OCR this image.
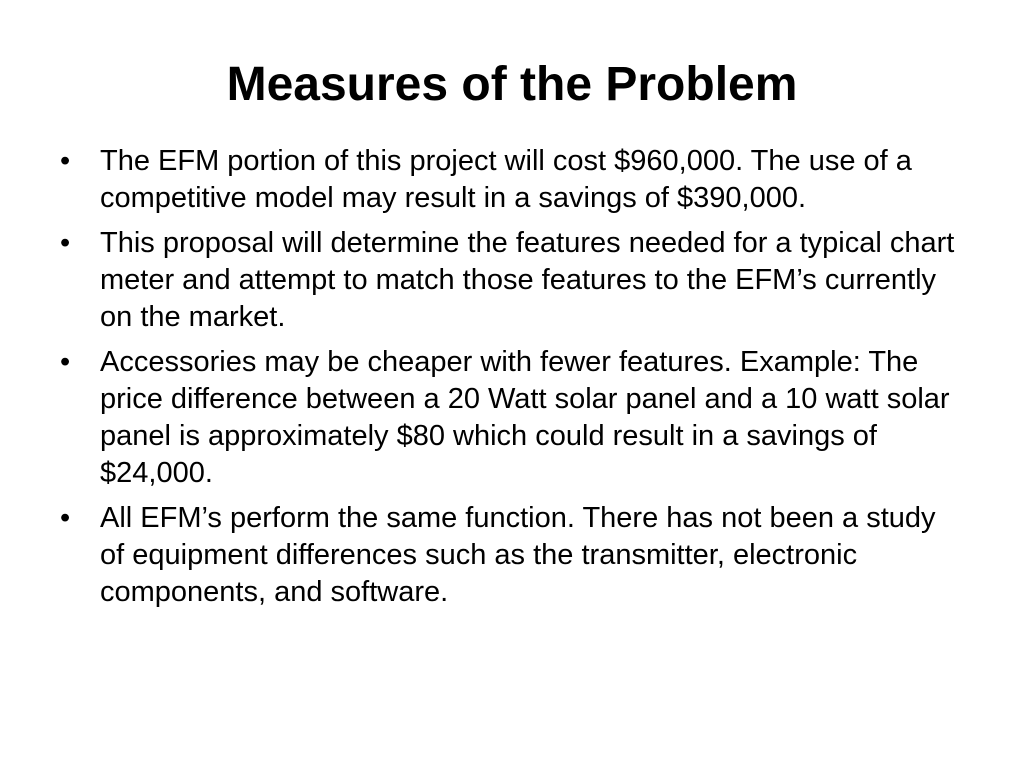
Measures of the Problem
•	The EFM portion of this project will cost $960,000. The use of a competitive model may result in a savings of $390,000.
•	This proposal will determine the features needed for a typical chart meter and attempt to match those features to the EFM’s currently on the market.
•	Accessories may be cheaper with fewer features. Example: The price difference between a 20 Watt solar panel and a 10 watt solar panel is approximately $80 which could result in a savings of $24,000.
•	All EFM’s perform the same function. There has not been a study of equipment differences such as the transmitter, electronic components, and software.
